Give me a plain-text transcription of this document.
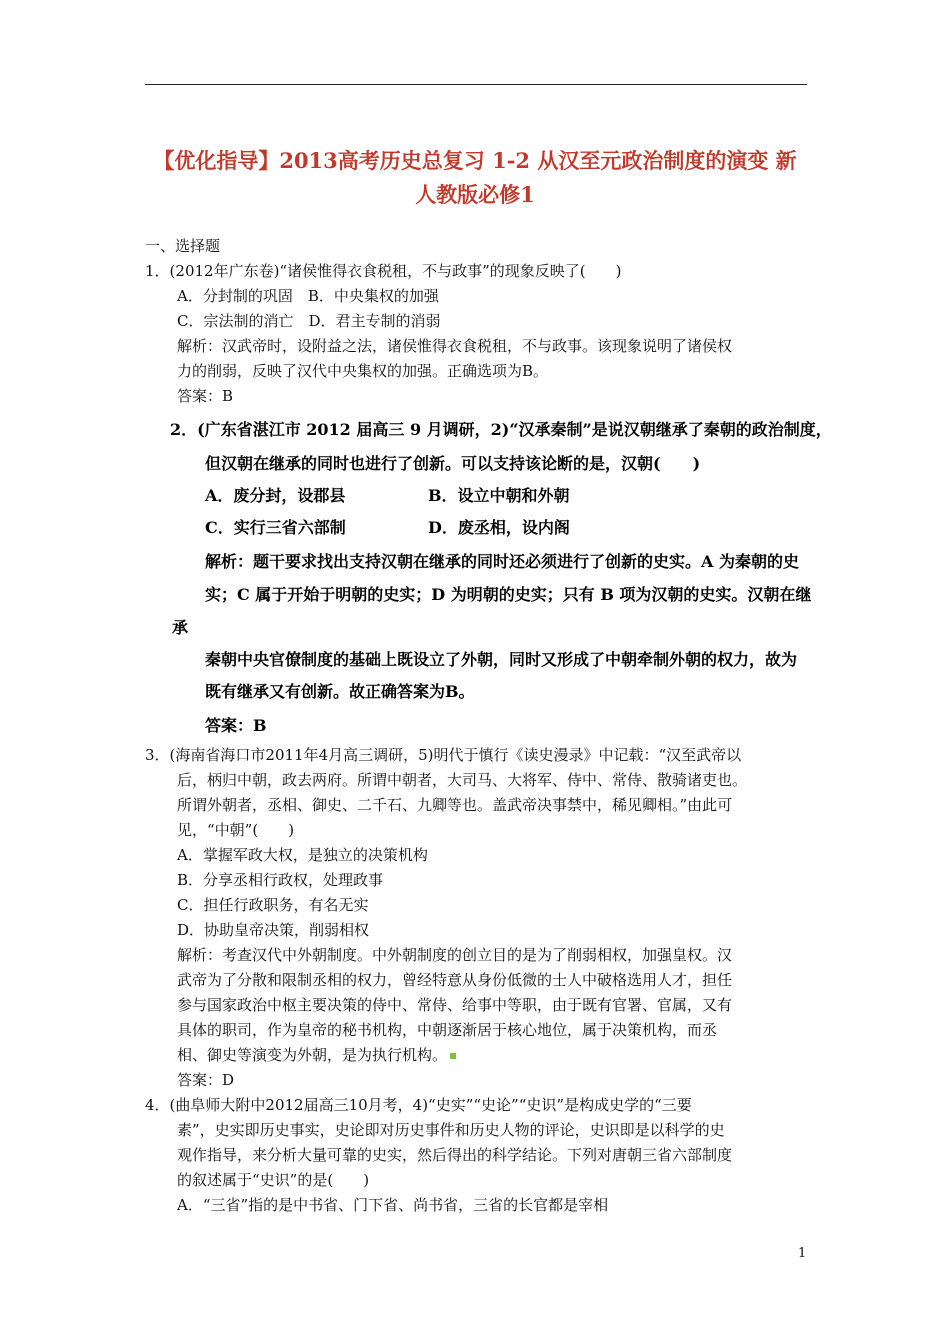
【优化指导】2013高考历史总复习 1-2 从汉至元政治制度的演变 新
人教版必修1
一、选择题
1．(2012年广东卷)“诸侯惟得衣食税租，不与政事”的现象反映了(　　)
A．分封制的巩固　B．中央集权的加强
C．宗法制的消亡　D．君主专制的消弱
解析：汉武帝时，设附益之法，诸侯惟得衣食税租，不与政事。该现象说明了诸侯权
力的削弱，反映了汉代中央集权的加强。正确选项为B。
答案：B
2．(广东省湛江市 2012 届高三 9 月调研，2)“汉承秦制”是说汉朝继承了秦朝的政治制度，
但汉朝在继承的同时也进行了创新。可以支持该论断的是，汉朝(　　)
A．废分封，设郡县	B．设立中朝和外朝
C．实行三省六部制	D．废丞相，设内阁
解析：题干要求找出支持汉朝在继承的同时还必须进行了创新的史实。A 为秦朝的史
实；C 属于开始于明朝的史实；D 为明朝的史实；只有 B 项为汉朝的史实。汉朝在继
承
秦朝中央官僚制度的基础上既设立了外朝，同时又形成了中朝牵制外朝的权力，故为
既有继承又有创新。故正确答案为B。
答案：B
3．(海南省海口市2011年4月高三调研，5)明代于慎行《读史漫录》中记载：“汉至武帝以
后，柄归中朝，政去两府。所谓中朝者，大司马、大将军、侍中、常侍、散骑诸吏也。
所谓外朝者，丞相、御史、二千石、九卿等也。盖武帝决事禁中，稀见卿相。”由此可
见，“中朝”(　　)
A．掌握军政大权，是独立的决策机构
B．分享丞相行政权，处理政事
C．担任行政职务，有名无实
D．协助皇帝决策，削弱相权
解析：考查汉代中外朝制度。中外朝制度的创立目的是为了削弱相权，加强皇权。汉
武帝为了分散和限制丞相的权力，曾经特意从身份低微的士人中破格选用人才，担任
参与国家政治中枢主要决策的侍中、常侍、给事中等职，由于既有官署、官属，又有
具体的职司，作为皇帝的秘书机构，中朝逐渐居于核心地位，属于决策机构，而丞
相、御史等演变为外朝，是为执行机构。
答案：D
4．(曲阜师大附中2012届高三10月考，4)“史实”“史论”“史识”是构成史学的“三要
素”，史实即历史事实，史论即对历史事件和历史人物的评论，史识即是以科学的史
观作指导，来分析大量可靠的史实，然后得出的科学结论。下列对唐朝三省六部制度
的叙述属于“史识”的是(　　)
A．“三省”指的是中书省、门下省、尚书省，三省的长官都是宰相
1
